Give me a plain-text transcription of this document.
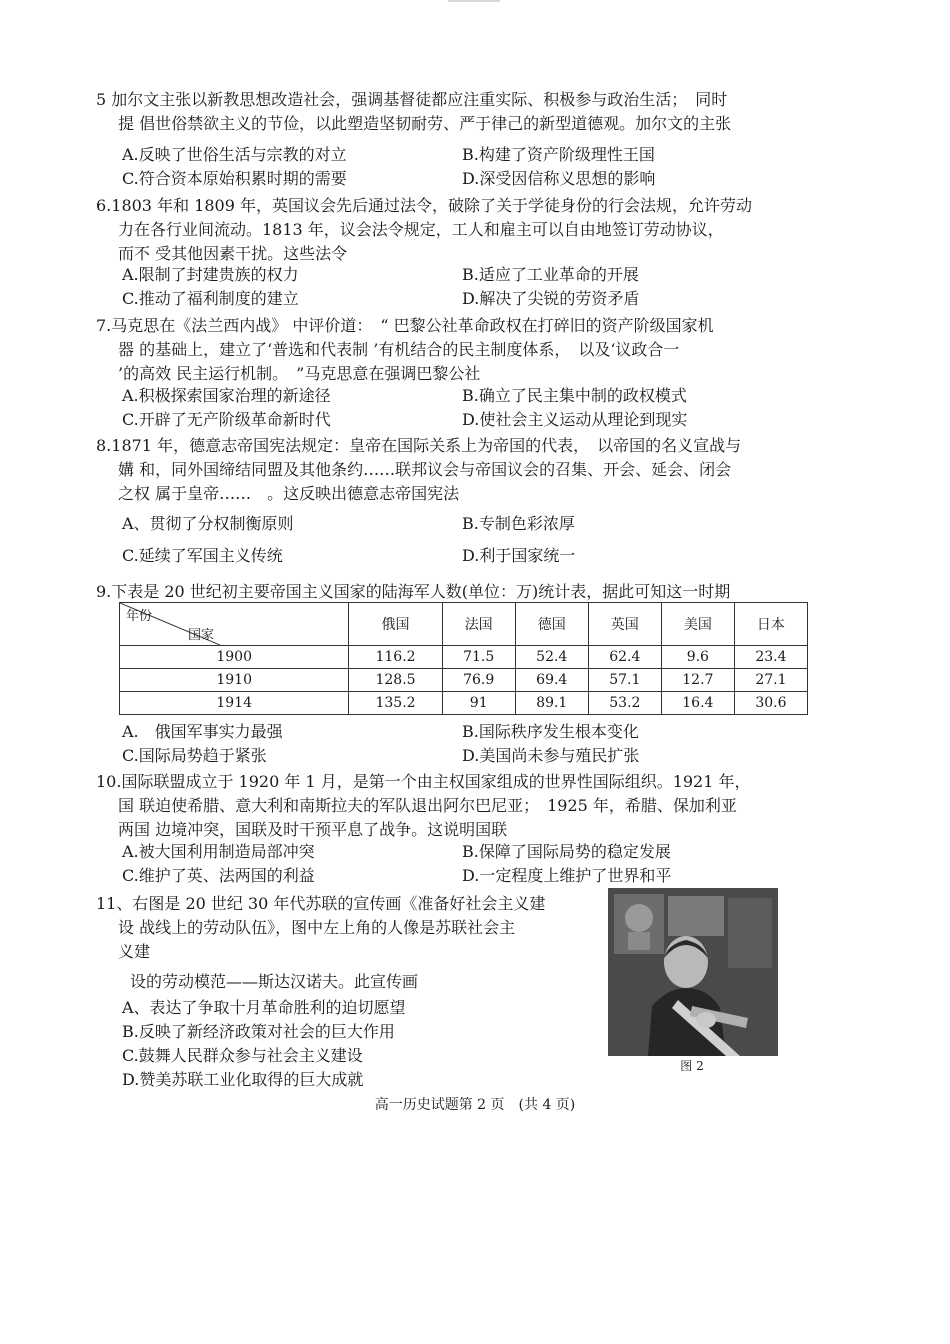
5 加尔文主张以新教思想改造社会，强调基督徒都应注重实际、积极参与政治生活；　同时
提 倡世俗禁欲主义的节俭，以此塑造坚韧耐劳、严于律己的新型道德观。加尔文的主张
A.反映了世俗生活与宗教的对立	B.构建了资产阶级理性王国
C.符合资本原始积累时期的需要	D.深受因信称义思想的影响
6.1803 年和 1809 年，英国议会先后通过法令，破除了关于学徒身份的行会法规，允许劳动
力在各行业间流动。1813 年，议会法令规定，工人和雇主可以自由地签订劳动协议，
而不 受其他因素干扰。这些法令
A.限制了封建贵族的权力	B.适应了工业革命的开展
C.推动了福利制度的建立	D.解决了尖锐的劳资矛盾
7.马克思在《法兰西内战》 中评价道：　“ 巴黎公社革命政权在打碎旧的资产阶级国家机
器 的基础上，建立了‘普选和代表制 ’有机结合的民主制度体系，　以及‘议政合一
’的高效 民主运行机制。　”马克思意在强调巴黎公社
A.积极探索国家治理的新途径	B.确立了民主集中制的政权模式
C.开辟了无产阶级革命新时代	D.使社会主义运动从理论到现实
8.1871 年，德意志帝国宪法规定：皇帝在国际关系上为帝国的代表，　以帝国的名义宣战与
媾 和，同外国缔结同盟及其他条约……联邦议会与帝国议会的召集、开会、延会、闭会
之权 属于皇帝……　。这反映出德意志帝国宪法
A、贯彻了分权制衡原则	B.专制色彩浓厚
C.延续了军国主义传统	D.利于国家统一
9.下表是 20 世纪初主要帝国主义国家的陆海军人数(单位：万)统计表，据此可知这一时期
年份
国家	俄国	法国	德国	英国	美国	日本
1900	116.2	71.5	52.4	62.4	9.6	23.4
1910	128.5	76.9	69.4	57.1	12.7	27.1
1914	135.2	91	89.1	53.2	16.4	30.6
A.　俄国军事实力最强	B.国际秩序发生根本变化
C.国际局势趋于紧张	D.美国尚未参与殖民扩张
10.国际联盟成立于 1920 年 1 月，是第一个由主权国家组成的世界性国际组织。1921 年，
国 联迫使希腊、意大利和南斯拉夫的军队退出阿尔巴尼亚；　1925 年，希腊、保加利亚
两国 边境冲突，国联及时干预平息了战争。这说明国联
A.被大国利用制造局部冲突	B.保障了国际局势的稳定发展
C.维护了英、法两国的利益	D.一定程度上维护了世界和平
11、右图是 20 世纪 30 年代苏联的宣传画《准备好社会主义建
设 战线上的劳动队伍》，图中左上角的人像是苏联社会主
义建
设的劳动模范——斯达汉诺夫。此宣传画
A、表达了争取十月革命胜利的迫切愿望
B.反映了新经济政策对社会的巨大作用
C.鼓舞人民群众参与社会主义建设
D.赞美苏联工业化取得的巨大成就
图 2
高一历史试题第 2 页　(共 4 页)
